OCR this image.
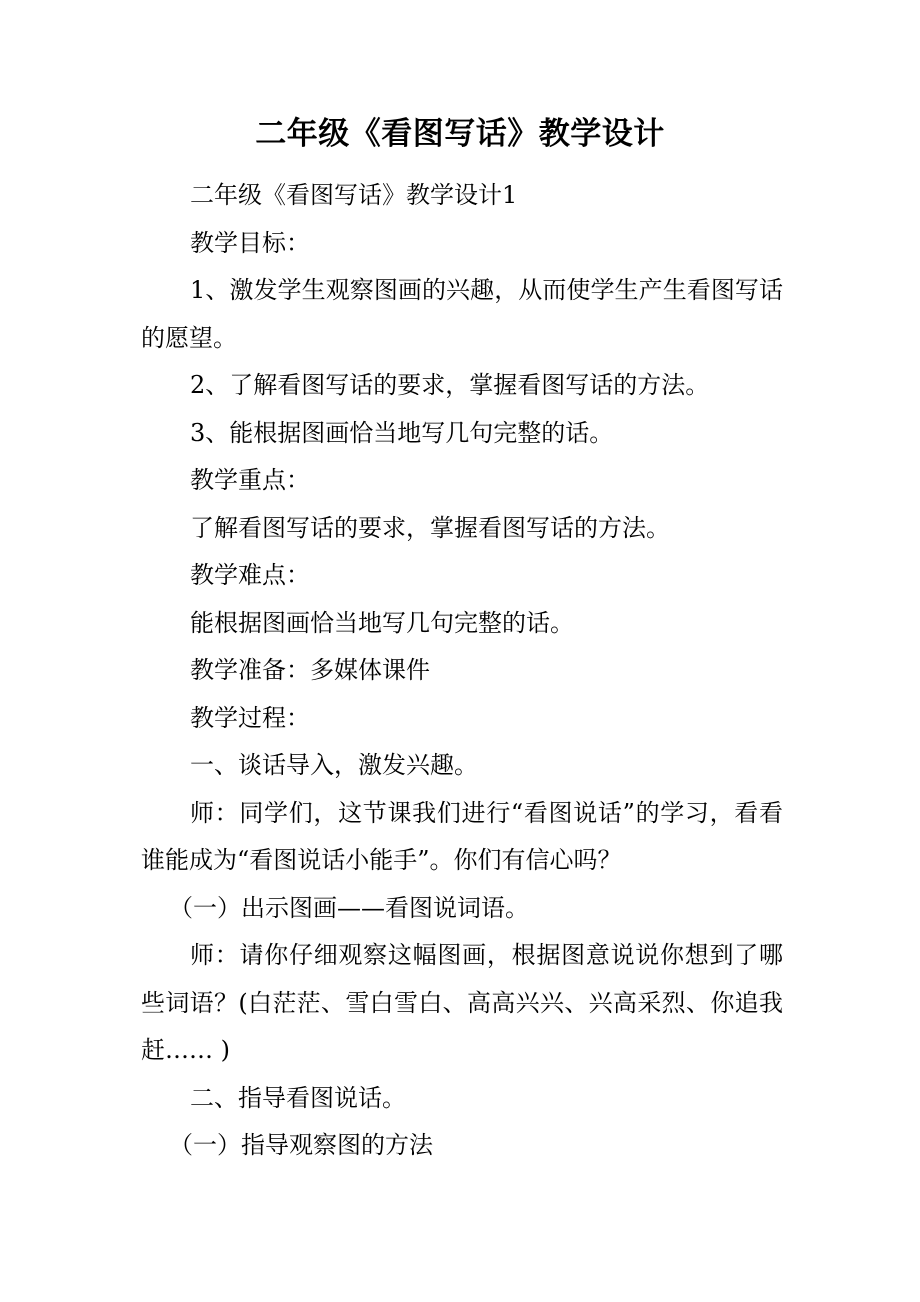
二年级《看图写话》教学设计

二年级《看图写话》教学设计1

教学目标：

1、激发学生观察图画的兴趣，从而使学生产生看图写话的愿望。

2、了解看图写话的要求，掌握看图写话的方法。

3、能根据图画恰当地写几句完整的话。

教学重点：

了解看图写话的要求，掌握看图写话的方法。

教学难点：

能根据图画恰当地写几句完整的话。

教学准备：多媒体课件

教学过程：

一、谈话导入，激发兴趣。

师：同学们，这节课我们进行“看图说话”的学习，看看谁能成为“看图说话小能手”。你们有信心吗？

（一）出示图画——看图说词语。

师：请你仔细观察这幅图画，根据图意说说你想到了哪些词语？(白茫茫、雪白雪白、高高兴兴、兴高采烈、你追我赶…… )

二、指导看图说话。

（一）指导观察图的方法
